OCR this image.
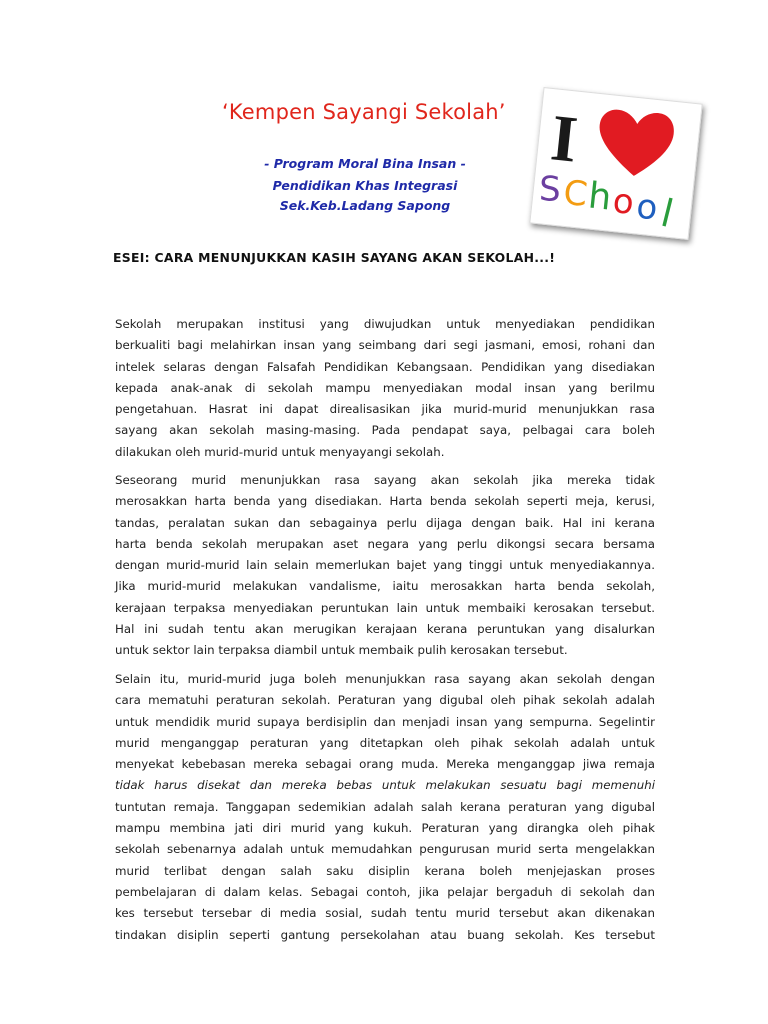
‘Kempen Sayangi Sekolah’
- Program Moral Bina Insan -
Pendidikan Khas Integrasi
Sek.Keb.Ladang Sapong
I
S C
h
o
o
l
ESEI: CARA MENUNJUKKAN KASIH SAYANG AKAN SEKOLAH...!
Sekolah merupakan institusi yang diwujudkan untuk menyediakan pendidikan
berkualiti bagi melahirkan insan yang seimbang dari segi jasmani, emosi, rohani dan
intelek selaras dengan Falsafah Pendidikan Kebangsaan. Pendidikan yang disediakan
kepada anak-anak di sekolah mampu menyediakan modal insan yang berilmu
pengetahuan. Hasrat ini dapat direalisasikan jika murid-murid menunjukkan rasa
sayang akan sekolah masing-masing. Pada pendapat saya, pelbagai cara boleh
dilakukan oleh murid-murid untuk menyayangi sekolah.
Seseorang murid menunjukkan rasa sayang akan sekolah jika mereka tidak
merosakkan harta benda yang disediakan. Harta benda sekolah seperti meja, kerusi,
tandas, peralatan sukan dan sebagainya perlu dijaga dengan baik. Hal ini kerana
harta benda sekolah merupakan aset negara yang perlu dikongsi secara bersama
dengan murid-murid lain selain memerlukan bajet yang tinggi untuk menyediakannya.
Jika murid-murid melakukan vandalisme, iaitu merosakkan harta benda sekolah,
kerajaan terpaksa menyediakan peruntukan lain untuk membaiki kerosakan tersebut.
Hal ini sudah tentu akan merugikan kerajaan kerana peruntukan yang disalurkan
untuk sektor lain terpaksa diambil untuk membaik pulih kerosakan tersebut.
Selain itu, murid-murid juga boleh menunjukkan rasa sayang akan sekolah dengan
cara mematuhi peraturan sekolah. Peraturan yang digubal oleh pihak sekolah adalah
untuk mendidik murid supaya berdisiplin dan menjadi insan yang sempurna. Segelintir
murid menganggap peraturan yang ditetapkan oleh pihak sekolah adalah untuk
menyekat kebebasan mereka sebagai orang muda. Mereka menganggap jiwa remaja
tidak harus disekat dan mereka bebas untuk melakukan sesuatu bagi memenuhi
tuntutan remaja. Tanggapan sedemikian adalah salah kerana peraturan yang digubal
mampu membina jati diri murid yang kukuh. Peraturan yang dirangka oleh pihak
sekolah sebenarnya adalah untuk memudahkan pengurusan murid serta mengelakkan
murid terlibat dengan salah saku disiplin kerana boleh menjejaskan proses
pembelajaran di dalam kelas. Sebagai contoh, jika pelajar bergaduh di sekolah dan
kes tersebut tersebar di media sosial, sudah tentu murid tersebut akan dikenakan
tindakan disiplin seperti gantung persekolahan atau buang sekolah. Kes tersebut
